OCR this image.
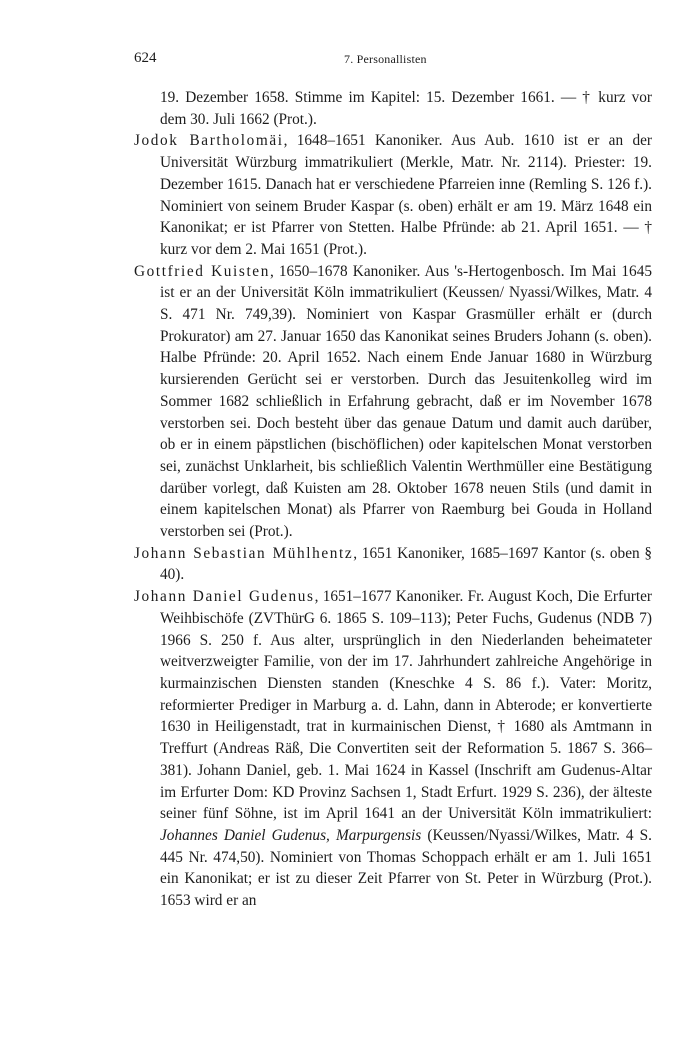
624	7. Personallisten

19. Dezember 1658. Stimme im Kapitel: 15. Dezember 1661. — † kurz vor dem 30. Juli 1662 (Prot.).

Jodok Bartholomäi, 1648–1651 Kanoniker. Aus Aub. 1610 ist er an der Universität Würzburg immatrikuliert (Merkle, Matr. Nr. 2114). Priester: 19. Dezember 1615. Danach hat er verschiedene Pfarreien inne (Remling S. 126 f.). Nominiert von seinem Bruder Kaspar (s. oben) erhält er am 19. März 1648 ein Kanonikat; er ist Pfarrer von Stetten. Halbe Pfründe: ab 21. April 1651. — † kurz vor dem 2. Mai 1651 (Prot.).

Gottfried Kuisten, 1650–1678 Kanoniker. Aus 's-Hertogenbosch. Im Mai 1645 ist er an der Universität Köln immatrikuliert (Keussen/ Nyassi/Wilkes, Matr. 4 S. 471 Nr. 749,39). Nominiert von Kaspar Grasmüller erhält er (durch Prokurator) am 27. Januar 1650 das Kanonikat seines Bruders Johann (s. oben). Halbe Pfründe: 20. April 1652. Nach einem Ende Januar 1680 in Würzburg kursierenden Gerücht sei er verstorben. Durch das Jesuitenkolleg wird im Sommer 1682 schließlich in Erfahrung gebracht, daß er im November 1678 verstorben sei. Doch besteht über das genaue Datum und damit auch darüber, ob er in einem päpstlichen (bischöflichen) oder kapitelschen Monat verstorben sei, zunächst Unklarheit, bis schließlich Valentin Werthmüller eine Bestätigung darüber vorlegt, daß Kuisten am 28. Oktober 1678 neuen Stils (und damit in einem kapitelschen Monat) als Pfarrer von Raemburg bei Gouda in Holland verstorben sei (Prot.).

Johann Sebastian Mühlhentz, 1651 Kanoniker, 1685–1697 Kantor (s. oben § 40).

Johann Daniel Gudenus, 1651–1677 Kanoniker. Fr. August Koch, Die Erfurter Weihbischöfe (ZVThürG 6. 1865 S. 109–113); Peter Fuchs, Gudenus (NDB 7) 1966 S. 250 f. Aus alter, ursprünglich in den Niederlanden beheimateter weitverzweigter Familie, von der im 17. Jahrhundert zahlreiche Angehörige in kurmainzischen Diensten standen (Kneschke 4 S. 86 f.). Vater: Moritz, reformierter Prediger in Marburg a. d. Lahn, dann in Abterode; er konvertierte 1630 in Heiligenstadt, trat in kurmainischen Dienst, † 1680 als Amtmann in Treffurt (Andreas Räß, Die Convertiten seit der Reformation 5. 1867 S. 366–381). Johann Daniel, geb. 1. Mai 1624 in Kassel (Inschrift am Gudenus-Altar im Erfurter Dom: KD Provinz Sachsen 1, Stadt Erfurt. 1929 S. 236), der älteste seiner fünf Söhne, ist im April 1641 an der Universität Köln immatrikuliert: Johannes Daniel Gudenus, Marpurgensis (Keussen/Nyassi/Wilkes, Matr. 4 S. 445 Nr. 474,50). Nominiert von Thomas Schoppach erhält er am 1. Juli 1651 ein Kanonikat; er ist zu dieser Zeit Pfarrer von St. Peter in Würzburg (Prot.). 1653 wird er an
